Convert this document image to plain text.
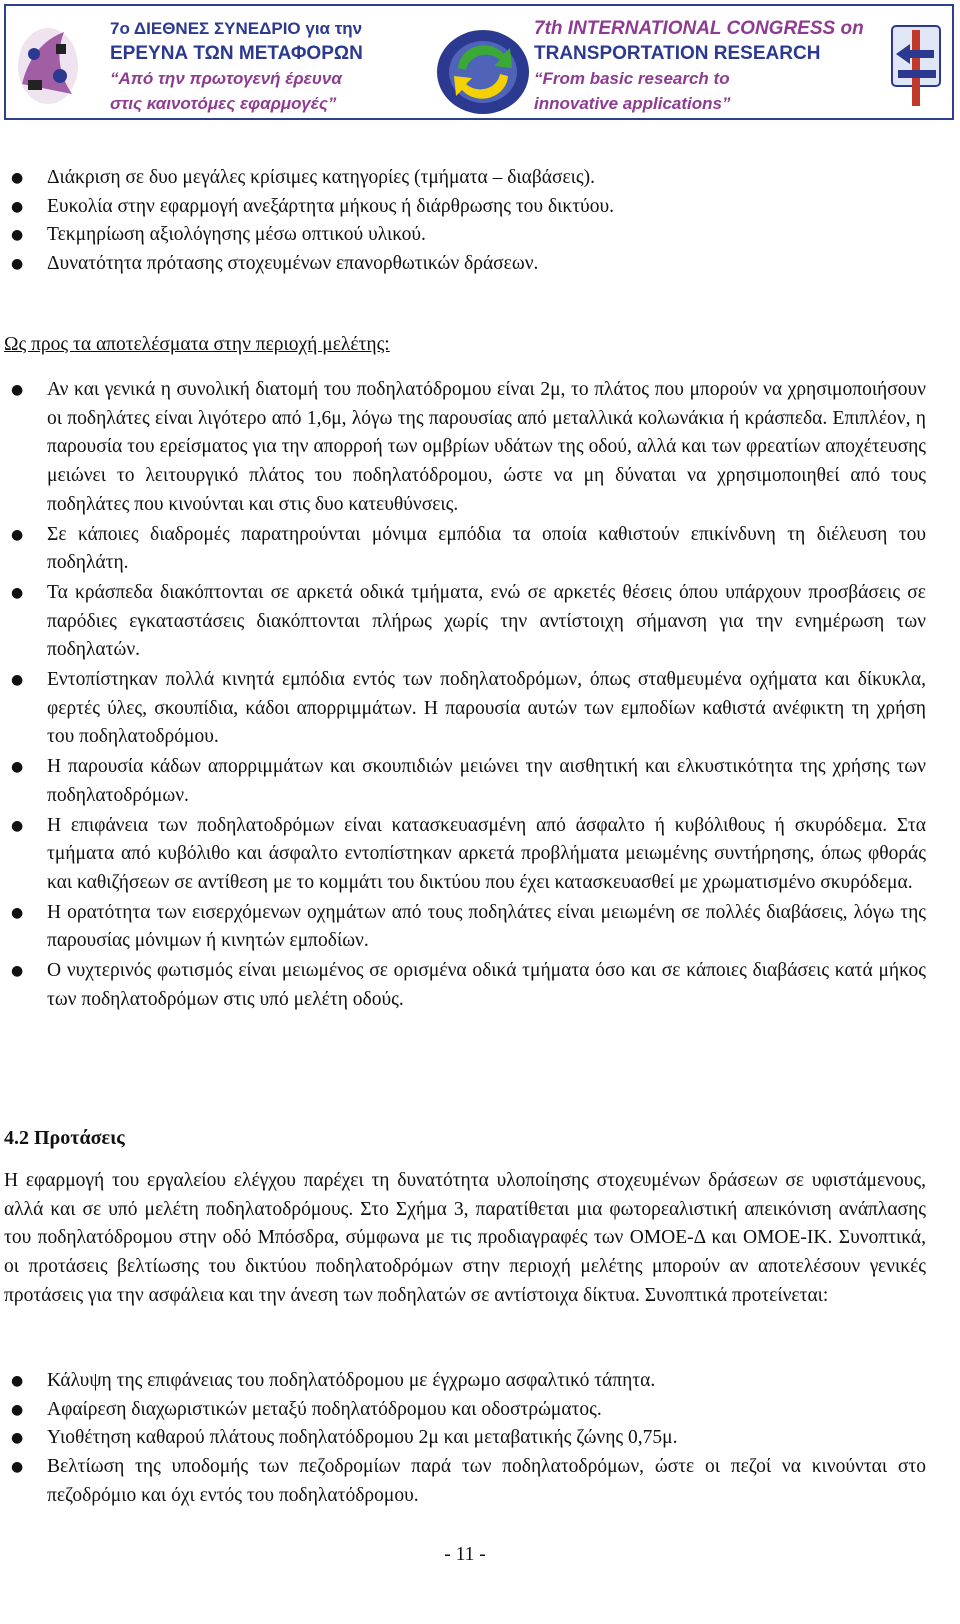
7ο ΔΙΕΘΝΕΣ ΣΥΝΕΔΡΙΟ για την
ΕΡΕΥΝΑ ΤΩΝ ΜΕΤΑΦΟΡΩΝ
“Από την πρωτογενή έρευνα
στις καινοτόμες εφαρμογές”
7th INTERNATIONAL CONGRESS on
TRANSPORTATION RESEARCH
“From basic research to
innovative applications”
● Διάκριση σε δυο μεγάλες κρίσιμες κατηγορίες (τμήματα – διαβάσεις).
● Ευκολία στην εφαρμογή ανεξάρτητα μήκους ή διάρθρωσης του δικτύου.
● Τεκμηρίωση αξιολόγησης μέσω οπτικού υλικού.
● Δυνατότητα πρότασης στοχευμένων επανορθωτικών δράσεων.
Ως προς τα αποτελέσματα στην περιοχή μελέτης:
● Αν και γενικά η συνολική διατομή του ποδηλατόδρομου είναι 2μ, το πλάτος που μπορούν να χρησιμοποιήσουν οι ποδηλάτες είναι λιγότερο από 1,6μ, λόγω της παρουσίας από μεταλλικά κολωνάκια ή κράσπεδα. Επιπλέον, η παρουσία του ερείσματος για την απορροή των ομβρίων υδάτων της οδού, αλλά και των φρεατίων αποχέτευσης μειώνει το λειτουργικό πλάτος του ποδηλατόδρομου, ώστε να μη δύναται να χρησιμοποιηθεί από τους ποδηλάτες που κινούνται και στις δυο κατευθύνσεις.
● Σε κάποιες διαδρομές παρατηρούνται μόνιμα εμπόδια τα οποία καθιστούν επικίνδυνη τη διέλευση του ποδηλάτη.
● Τα κράσπεδα διακόπτονται σε αρκετά οδικά τμήματα, ενώ σε αρκετές θέσεις όπου υπάρχουν προσβάσεις σε παρόδιες εγκαταστάσεις διακόπτονται πλήρως χωρίς την αντίστοιχη σήμανση για την ενημέρωση των ποδηλατών.
● Εντοπίστηκαν πολλά κινητά εμπόδια εντός των ποδηλατοδρόμων, όπως σταθμευμένα οχήματα και δίκυκλα, φερτές ύλες, σκουπίδια, κάδοι απορριμμάτων. Η παρουσία αυτών των εμποδίων καθιστά ανέφικτη τη χρήση του ποδηλατοδρόμου.
● Η παρουσία κάδων απορριμμάτων και σκουπιδιών μειώνει την αισθητική και ελκυστικότητα της χρήσης των ποδηλατοδρόμων.
● Η επιφάνεια των ποδηλατοδρόμων είναι κατασκευασμένη από άσφαλτο ή κυβόλιθους ή σκυρόδεμα. Στα τμήματα από κυβόλιθο και άσφαλτο εντοπίστηκαν αρκετά προβλήματα μειωμένης συντήρησης, όπως φθοράς και καθιζήσεων σε αντίθεση με το κομμάτι του δικτύου που έχει κατασκευασθεί με χρωματισμένο σκυρόδεμα.
● Η ορατότητα των εισερχόμενων οχημάτων από τους ποδηλάτες είναι μειωμένη σε πολλές διαβάσεις, λόγω της παρουσίας μόνιμων ή κινητών εμποδίων.
● Ο νυχτερινός φωτισμός είναι μειωμένος σε ορισμένα οδικά τμήματα όσο και σε κάποιες διαβάσεις κατά μήκος των ποδηλατοδρόμων στις υπό μελέτη οδούς.
4.2 Προτάσεις
Η εφαρμογή του εργαλείου ελέγχου παρέχει τη δυνατότητα υλοποίησης στοχευμένων δράσεων σε υφιστάμενους, αλλά και σε υπό μελέτη ποδηλατοδρόμους. Στο Σχήμα 3, παρατίθεται μια φωτορεαλιστική απεικόνιση ανάπλασης του ποδηλατόδρομου στην οδό Μπόσδρα, σύμφωνα με τις προδιαγραφές των ΟΜΟΕ-Δ και ΟΜΟΕ-ΙΚ. Συνοπτικά, οι προτάσεις βελτίωσης του δικτύου ποδηλατοδρόμων στην περιοχή μελέτης μπορούν αν αποτελέσουν γενικές προτάσεις για την ασφάλεια και την άνεση των ποδηλατών σε αντίστοιχα δίκτυα. Συνοπτικά προτείνεται:
● Κάλυψη της επιφάνειας του ποδηλατόδρομου με έγχρωμο ασφαλτικό τάπητα.
● Αφαίρεση διαχωριστικών μεταξύ ποδηλατόδρομου και οδοστρώματος.
● Υιοθέτηση καθαρού πλάτους ποδηλατόδρομου 2μ και μεταβατικής ζώνης 0,75μ.
● Βελτίωση της υποδομής των πεζοδρομίων παρά των ποδηλατοδρόμων, ώστε οι πεζοί να κινούνται στο πεζοδρόμιο και όχι εντός του ποδηλατόδρομου.
- 11 -
